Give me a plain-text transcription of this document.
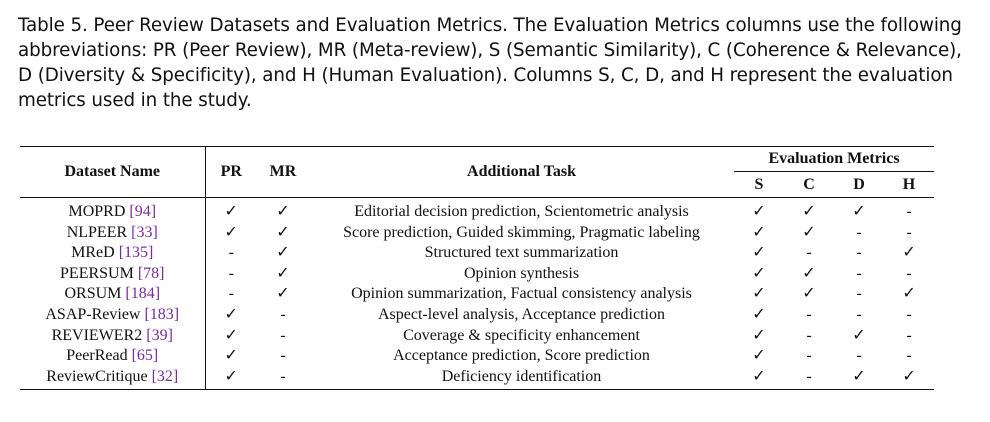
Table 5. Peer Review Datasets and Evaluation Metrics. The Evaluation Metrics columns use the following abbreviations: PR (Peer Review), MR (Meta-review), S (Semantic Similarity), C (Coherence & Relevance), D (Diversity & Specificity), and H (Human Evaluation). Columns S, C, D, and H represent the evaluation metrics used in the study.
Dataset Name	PR	MR	Additional Task	Evaluation Metrics			
				S	C	D	H
MOPRD [94]	✓	✓	Editorial decision prediction, Scientometric analysis	✓	✓	✓	-
NLPEER [33]	✓	✓	Score prediction, Guided skimming, Pragmatic labeling	✓	✓	-	-
MReD [135]	-	✓	Structured text summarization	✓	-	-	✓
PEERSUM [78]	-	✓	Opinion synthesis	✓	✓	-	-
ORSUM [184]	-	✓	Opinion summarization, Factual consistency analysis	✓	✓	-	✓
ASAP-Review [183]	✓	-	Aspect-level analysis, Acceptance prediction	✓	-	-	-
REVIEWER2 [39]	✓	-	Coverage & specificity enhancement	✓	-	✓	-
PeerRead [65]	✓	-	Acceptance prediction, Score prediction	✓	-	-	-
ReviewCritique [32]	✓	-	Deficiency identification	✓	-	✓	✓
